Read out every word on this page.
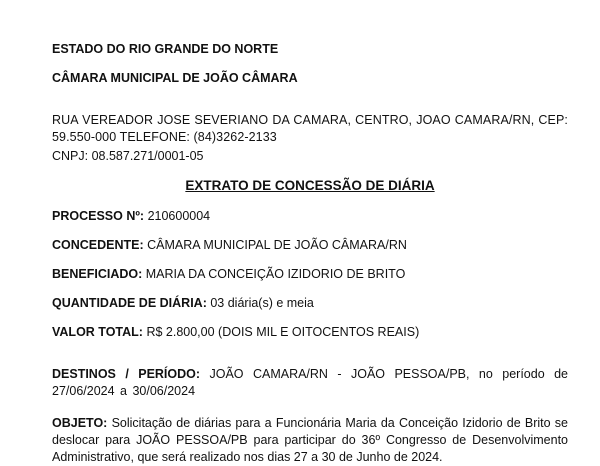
ESTADO DO RIO GRANDE DO NORTE

CÂMARA MUNICIPAL DE JOÃO CÂMARA

RUA VEREADOR JOSE SEVERIANO DA CAMARA, CENTRO, JOAO CAMARA/RN, CEP: 59.550-000 TELEFONE: (84)3262-2133

CNPJ: 08.587.271/0001-05

EXTRATO DE CONCESSÃO DE DIÁRIA

PROCESSO Nº: 210600004

CONCEDENTE: CÂMARA MUNICIPAL DE JOÃO CÂMARA/RN

BENEFICIADO: MARIA DA CONCEIÇÃO IZIDORIO DE BRITO

QUANTIDADE DE DIÁRIA: 03 diária(s) e meia

VALOR TOTAL: R$ 2.800,00 (DOIS MIL E OITOCENTOS REAIS)

DESTINOS / PERÍODO: JOÃO CAMARA/RN - JOÃO PESSOA/PB, no período de 27/06/2024 a 30/06/2024

OBJETO: Solicitação de diárias para a Funcionária Maria da Conceição Izidorio de Brito se deslocar para JOÃO PESSOA/PB para participar do 36º Congresso de Desenvolvimento Administrativo, que será realizado nos dias 27 a 30 de Junho de 2024.
